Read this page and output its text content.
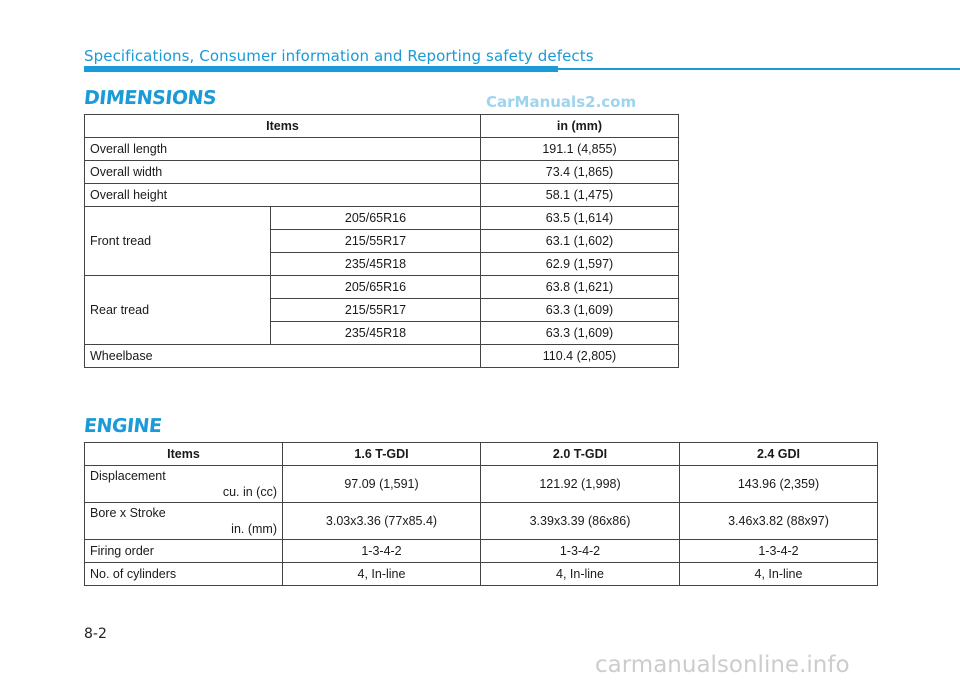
Specifications, Consumer information and Reporting safety defects
DIMENSIONS	CarManuals2.com
Items		in (mm)
Overall length		191.1 (4,855)
Overall width		73.4 (1,865)
Overall height		58.1 (1,475)
Front tread	205/65R16	63.5 (1,614)
	215/55R17	63.1 (1,602)
	235/45R18	62.9 (1,597)
Rear tread	205/65R16	63.8 (1,621)
	215/55R17	63.3 (1,609)
	235/45R18	63.3 (1,609)
Wheelbase		110.4 (2,805)
ENGINE
Items	1.6 T-GDI	2.0 T-GDI	2.4 GDI

Displacement
cu. in (cc)	97.09 (1,591)	121.92 (1,998)	143.96 (2,359)

Bore x Stroke
in. (mm)	3.03x3.36 (77x85.4)	3.39x3.39 (86x86)	3.46x3.82 (88x97)
Firing order	1-3-4-2	1-3-4-2	1-3-4-2
No. of cylinders	4, In-line	4, In-line	4, In-line
8-2
carmanualsonline.info
